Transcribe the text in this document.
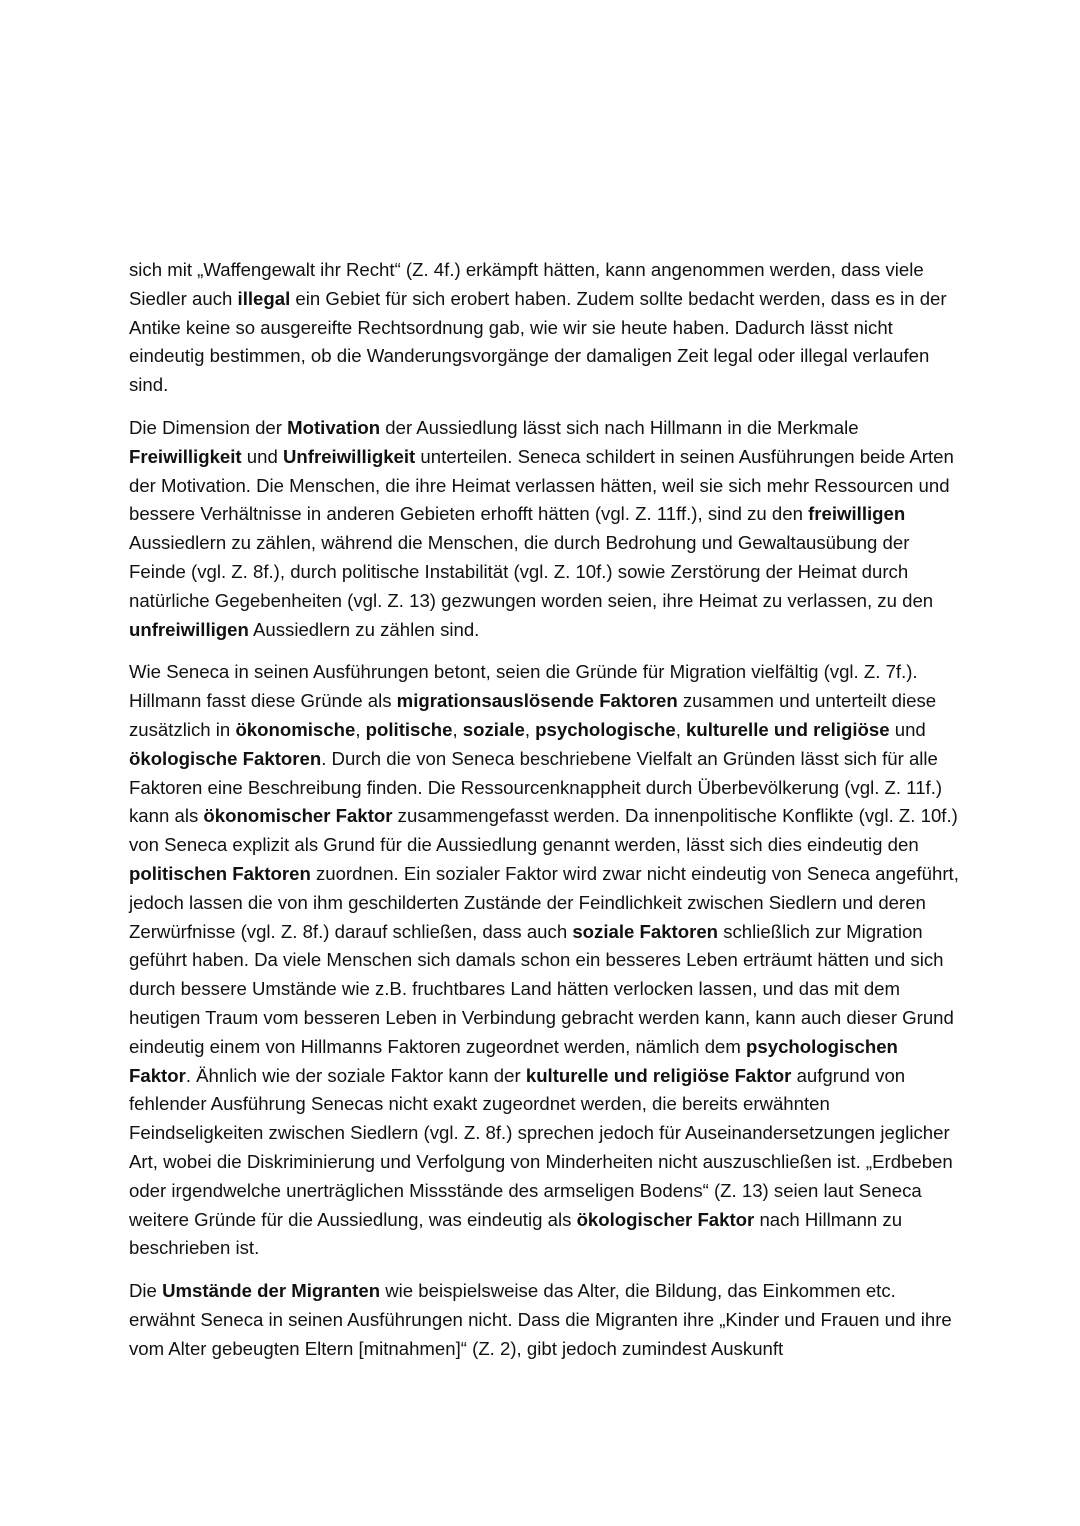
sich mit „Waffengewalt ihr Recht“ (Z. 4f.) erkämpft hätten, kann angenommen werden, dass viele Siedler auch illegal ein Gebiet für sich erobert haben. Zudem sollte bedacht werden, dass es in der Antike keine so ausgereifte Rechtsordnung gab, wie wir sie heute haben. Dadurch lässt nicht eindeutig bestimmen, ob die Wanderungsvorgänge der damaligen Zeit legal oder illegal verlaufen sind.

Die Dimension der Motivation der Aussiedlung lässt sich nach Hillmann in die Merkmale Freiwilligkeit und Unfreiwilligkeit unterteilen. Seneca schildert in seinen Ausführungen beide Arten der Motivation. Die Menschen, die ihre Heimat verlassen hätten, weil sie sich mehr Ressourcen und bessere Verhältnisse in anderen Gebieten erhofft hätten (vgl. Z. 11ff.), sind zu den freiwilligen Aussiedlern zu zählen, während die Menschen, die durch Bedrohung und Gewaltausübung der Feinde (vgl. Z. 8f.), durch politische Instabilität (vgl. Z. 10f.) sowie Zerstörung der Heimat durch natürliche Gegebenheiten (vgl. Z. 13) gezwungen worden seien, ihre Heimat zu verlassen, zu den unfreiwilligen Aussiedlern zu zählen sind.

Wie Seneca in seinen Ausführungen betont, seien die Gründe für Migration vielfältig (vgl. Z. 7f.). Hillmann fasst diese Gründe als migrationsauslösende Faktoren zusammen und unterteilt diese zusätzlich in ökonomische, politische, soziale, psychologische, kulturelle und religiöse und ökologische Faktoren. Durch die von Seneca beschriebene Vielfalt an Gründen lässt sich für alle Faktoren eine Beschreibung finden. Die Ressourcenknappheit durch Überbevölkerung (vgl. Z. 11f.) kann als ökonomischer Faktor zusammengefasst werden. Da innenpolitische Konflikte (vgl. Z. 10f.) von Seneca explizit als Grund für die Aussiedlung genannt werden, lässt sich dies eindeutig den politischen Faktoren zuordnen. Ein sozialer Faktor wird zwar nicht eindeutig von Seneca angeführt, jedoch lassen die von ihm geschilderten Zustände der Feindlichkeit zwischen Siedlern und deren Zerwürfnisse (vgl. Z. 8f.) darauf schließen, dass auch soziale Faktoren schließlich zur Migration geführt haben. Da viele Menschen sich damals schon ein besseres Leben erträumt hätten und sich durch bessere Umstände wie z.B. fruchtbares Land hätten verlocken lassen, und das mit dem heutigen Traum vom besseren Leben in Verbindung gebracht werden kann, kann auch dieser Grund eindeutig einem von Hillmanns Faktoren zugeordnet werden, nämlich dem psychologischen Faktor. Ähnlich wie der soziale Faktor kann der kulturelle und religiöse Faktor aufgrund von fehlender Ausführung Senecas nicht exakt zugeordnet werden, die bereits erwähnten Feindseligkeiten zwischen Siedlern (vgl. Z. 8f.) sprechen jedoch für Auseinandersetzungen jeglicher Art, wobei die Diskriminierung und Verfolgung von Minderheiten nicht auszuschließen ist. „Erdbeben oder irgendwelche unerträglichen Missstände des armseligen Bodens“ (Z. 13) seien laut Seneca weitere Gründe für die Aussiedlung, was eindeutig als ökologischer Faktor nach Hillmann zu beschrieben ist.

Die Umstände der Migranten wie beispielsweise das Alter, die Bildung, das Einkommen etc. erwähnt Seneca in seinen Ausführungen nicht. Dass die Migranten ihre „Kinder und Frauen und ihre vom Alter gebeugten Eltern [mitnahmen]“ (Z. 2), gibt jedoch zumindest Auskunft
